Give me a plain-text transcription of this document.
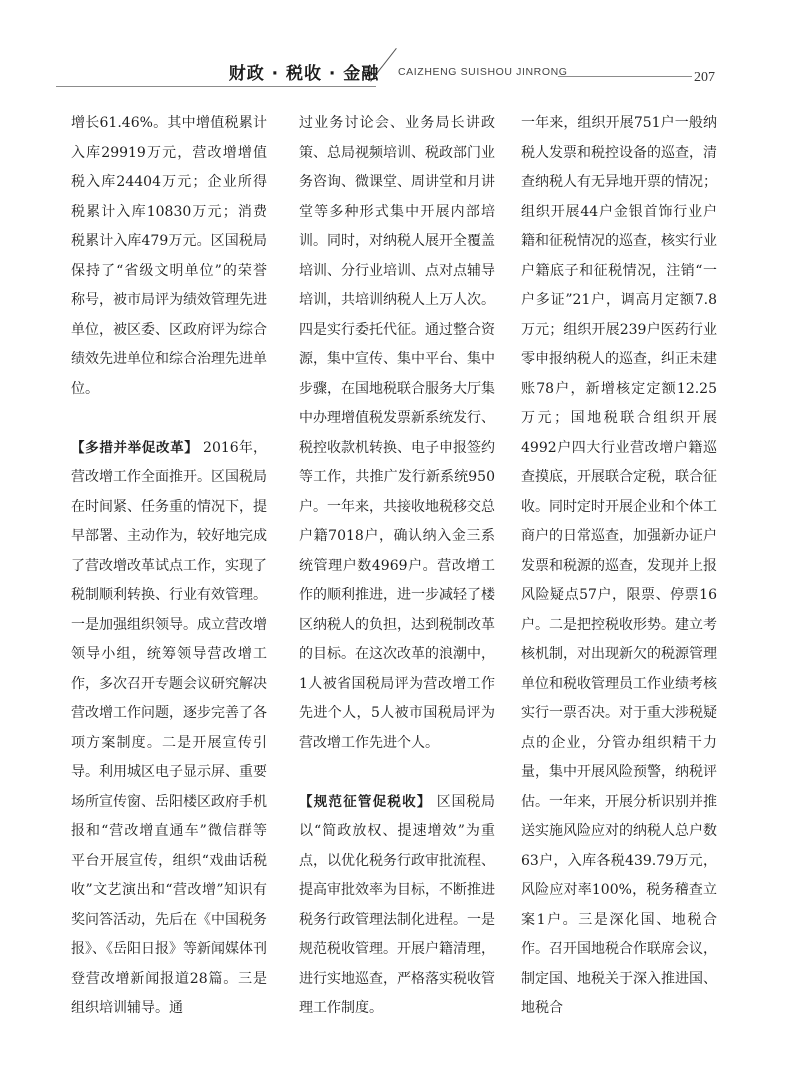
财政 · 税收 · 金融	CAIZHENG SUISHOU JINRONG	207

增长61.46%。其中增值税累计入库29919万元，营改增增值税入库24404万元；企业所得税累计入库10830万元；消费税累计入库479万元。区国税局保持了“省级文明单位”的荣誉称号，被市局评为绩效管理先进单位，被区委、区政府评为综合绩效先进单位和综合治理先进单位。

【多措并举促改革】 2016年，营改增工作全面推开。区国税局在时间紧、任务重的情况下，提早部署、主动作为，较好地完成了营改增改革试点工作，实现了税制顺利转换、行业有效管理。一是加强组织领导。成立营改增领导小组，统筹领导营改增工作，多次召开专题会议研究解决营改增工作问题，逐步完善了各项方案制度。二是开展宣传引导。利用城区电子显示屏、重要场所宣传窗、岳阳楼区政府手机报和“营改增直通车”微信群等平台开展宣传，组织“戏曲话税收”文艺演出和“营改增”知识有奖问答活动，先后在《中国税务报》、《岳阳日报》等新闻媒体刊登营改增新闻报道28篇。三是组织培训辅导。通

过业务讨论会、业务局长讲政策、总局视频培训、税政部门业务咨询、微课堂、周讲堂和月讲堂等多种形式集中开展内部培训。同时，对纳税人展开全覆盖培训、分行业培训、点对点辅导培训，共培训纳税人上万人次。四是实行委托代征。通过整合资源，集中宣传、集中平台、集中步骤，在国地税联合服务大厅集中办理增值税发票新系统发行、税控收款机转换、电子申报签约等工作，共推广发行新系统950户。一年来，共接收地税移交总户籍7018户，确认纳入金三系统管理户数4969户。营改增工作的顺利推进，进一步减轻了楼区纳税人的负担，达到税制改革的目标。在这次改革的浪潮中，1人被省国税局评为营改增工作先进个人，5人被市国税局评为营改增工作先进个人。

【规范征管促税收】 区国税局以“简政放权、提速增效”为重点，以优化税务行政审批流程、提高审批效率为目标，不断推进税务行政管理法制化进程。一是规范税收管理。开展户籍清理，进行实地巡查，严格落实税收管理工作制度。

一年来，组织开展751户一般纳税人发票和税控设备的巡查，清查纳税人有无异地开票的情况；组织开展44户金银首饰行业户籍和征税情况的巡查，核实行业户籍底子和征税情况，注销“一户多证”21户，调高月定额7.8万元；组织开展239户医药行业零申报纳税人的巡查，纠正未建账78户，新增核定定额12.25万元；国地税联合组织开展4992户四大行业营改增户籍巡查摸底，开展联合定税，联合征收。同时定时开展企业和个体工商户的日常巡查，加强新办证户发票和税源的巡查，发现并上报风险疑点57户，限票、停票16户。二是把控税收形势。建立考核机制，对出现新欠的税源管理单位和税收管理员工作业绩考核实行一票否决。对于重大涉税疑点的企业，分管办组织精干力量，集中开展风险预警，纳税评估。一年来，开展分析识别并推送实施风险应对的纳税人总户数63户，入库各税439.79万元，风险应对率100%，税务稽查立案1户。三是深化国、地税合作。召开国地税合作联席会议，制定国、地税关于深入推进国、地税合
